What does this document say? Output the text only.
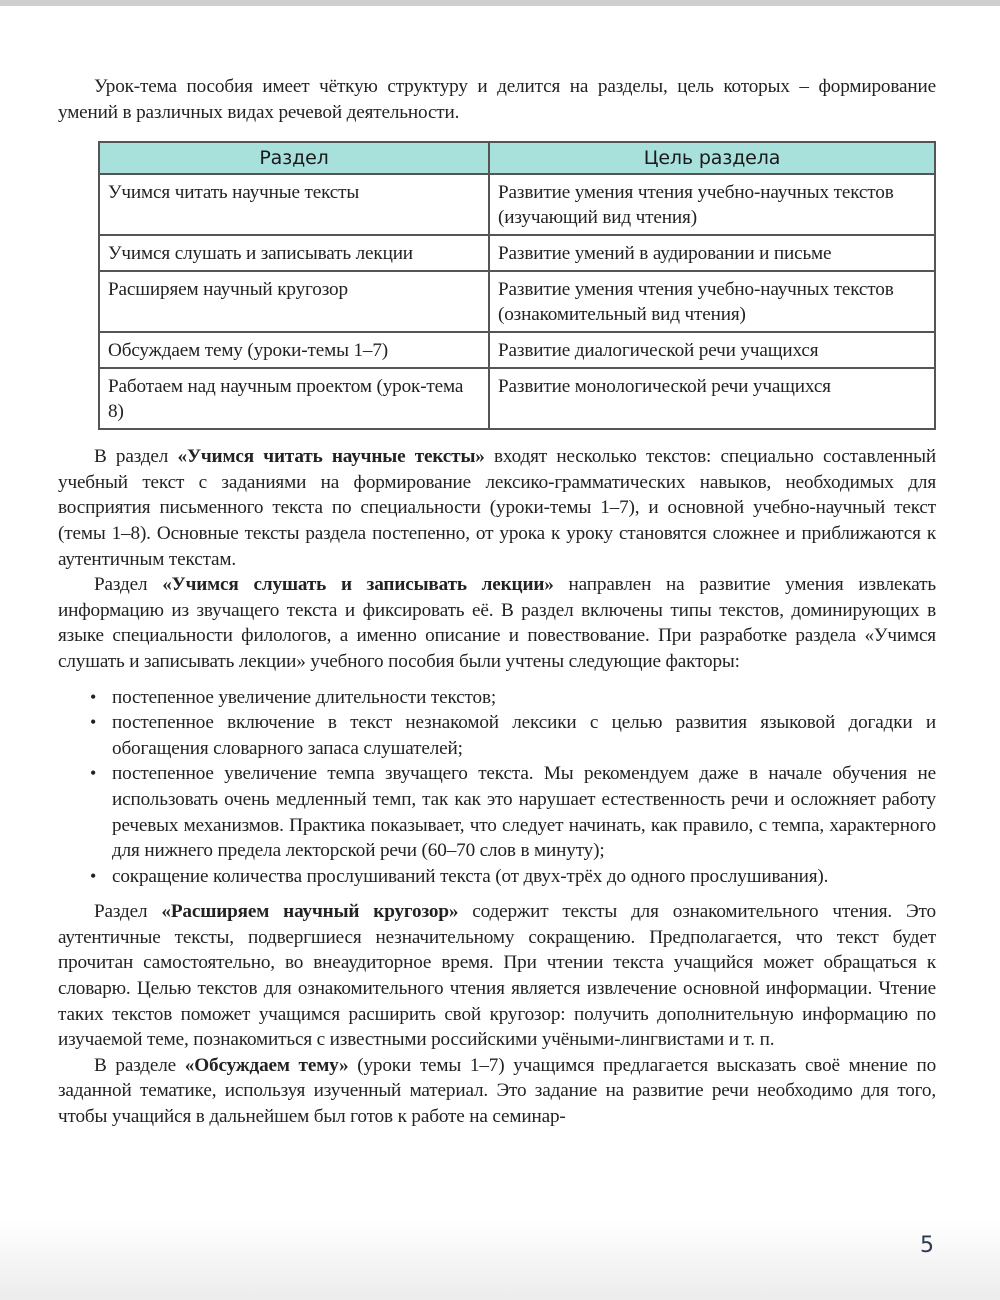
Урок-тема пособия имеет чёткую структуру и делится на разделы, цель которых – формирование умений в различных видах речевой деятельности.

Раздел	Цель раздела
Учимся читать научные тексты	Развитие умения чтения учебно-научных текстов (изучающий вид чтения)
Учимся слушать и записывать лекции	Развитие умений в аудировании и письме
Расширяем научный кругозор	Развитие умения чтения учебно-научных текстов (ознакомительный вид чтения)
Обсуждаем тему (уроки-темы 1–7)	Развитие диалогической речи учащихся
Работаем над научным проектом (урок-тема 8)	Развитие монологической речи учащихся

В раздел «Учимся читать научные тексты» входят несколько текстов: специально составленный учебный текст с заданиями на формирование лексико-грамматических навыков, необходимых для восприятия письменного текста по специальности (уроки-темы 1–7), и основной учебно-научный текст (темы 1–8). Основные тексты раздела постепенно, от урока к уроку становятся сложнее и приближаются к аутентичным текстам.

Раздел «Учимся слушать и записывать лекции» направлен на развитие умения извлекать информацию из звучащего текста и фиксировать её. В раздел включены типы текстов, доминирующих в языке специальности филологов, а именно описание и повествование. При разработке раздела «Учимся слушать и записывать лекции» учебного пособия были учтены следующие факторы:

• постепенное увеличение длительности текстов;
• постепенное включение в текст незнакомой лексики с целью развития языковой догадки и обогащения словарного запаса слушателей;
• постепенное увеличение темпа звучащего текста. Мы рекомендуем даже в начале обучения не использовать очень медленный темп, так как это нарушает естественность речи и осложняет работу речевых механизмов. Практика показывает, что следует начинать, как правило, с темпа, характерного для нижнего предела лекторской речи (60–70 слов в минуту);
• сокращение количества прослушиваний текста (от двух-трёх до одного прослушивания).

Раздел «Расширяем научный кругозор» содержит тексты для ознакомительного чтения. Это аутентичные тексты, подвергшиеся незначительному сокращению. Предполагается, что текст будет прочитан самостоятельно, во внеаудиторное время. При чтении текста учащийся может обращаться к словарю. Целью текстов для ознакомительного чтения является извлечение основной информации. Чтение таких текстов поможет учащимся расширить свой кругозор: получить дополнительную информацию по изучаемой теме, познакомиться с известными российскими учёными-лингвистами и т. п.

В разделе «Обсуждаем тему» (уроки темы 1–7) учащимся предлагается высказать своё мнение по заданной тематике, используя изученный материал. Это задание на развитие речи необходимо для того, чтобы учащийся в дальнейшем был готов к работе на семинар-

5
